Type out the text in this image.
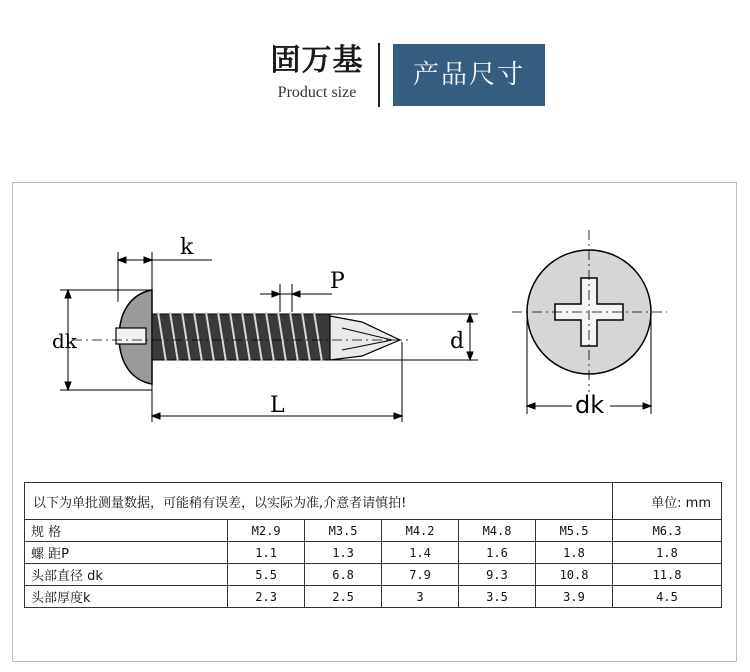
固万基
Product size
产品尺寸
k
P
dk	d
L	dk
以下为单批测量数据，可能稍有误差，以实际为准,介意者请慎拍!						单位: mm
规 格	M2.9	M3.5	M4.2	M4.8	M5.5	M6.3
螺 距P	1.1	1.3	1.4	1.6	1.8	1.8
头部直径 dk	5.5	6.8	7.9	9.3	10.8	11.8
头部厚度k	2.3	2.5	3	3.5	3.9	4.5
